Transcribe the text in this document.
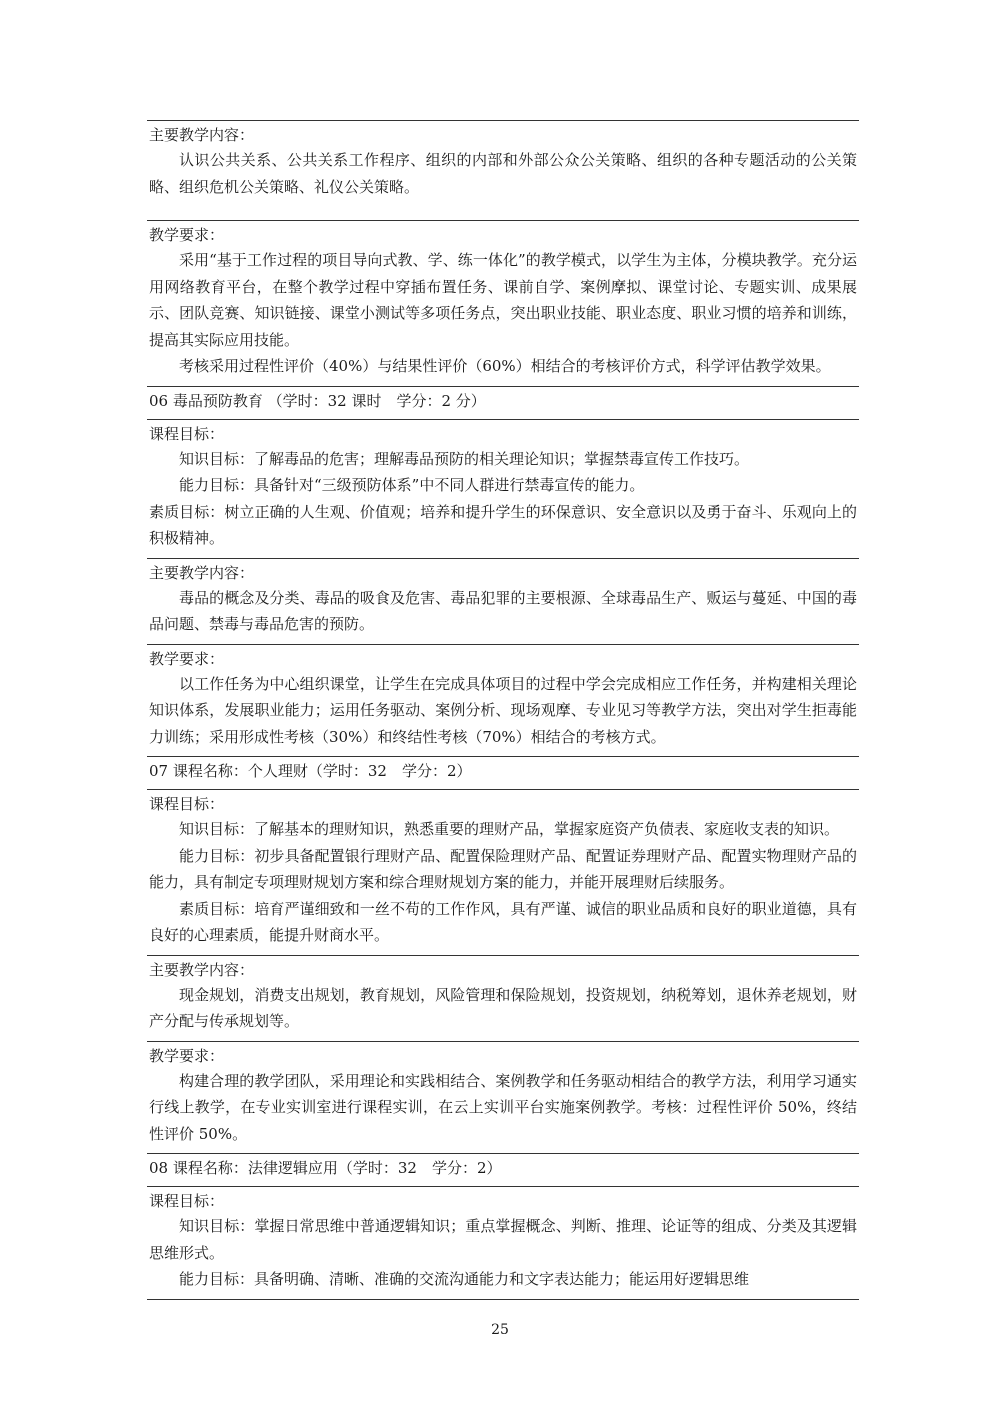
主要教学内容：

认识公共关系、公共关系工作程序、组织的内部和外部公众公关策略、组织的各种专题活动的公关策略、组织危机公关策略、礼仪公关策略。

教学要求：

采用“基于工作过程的项目导向式教、学、练一体化”的教学模式，以学生为主体，分模块教学。充分运用网络教育平台，在整个教学过程中穿插布置任务、课前自学、案例摩拟、课堂讨论、专题实训、成果展示、团队竞赛、知识链接、课堂小测试等多项任务点，突出职业技能、职业态度、职业习惯的培养和训练，提高其实际应用技能。

考核采用过程性评价（40%）与结果性评价（60%）相结合的考核评价方式，科学评估教学效果。

06 毒品预防教育 （学时：32 课时　学分：2 分）

课程目标：

知识目标：了解毒品的危害；理解毒品预防的相关理论知识；掌握禁毒宣传工作技巧。

能力目标：具备针对“三级预防体系”中不同人群进行禁毒宣传的能力。

素质目标：树立正确的人生观、价值观；培养和提升学生的环保意识、安全意识以及勇于奋斗、乐观向上的积极精神。

主要教学内容：

毒品的概念及分类、毒品的吸食及危害、毒品犯罪的主要根源、全球毒品生产、贩运与蔓延、中国的毒品问题、禁毒与毒品危害的预防。

教学要求：

以工作任务为中心组织课堂，让学生在完成具体项目的过程中学会完成相应工作任务，并构建相关理论知识体系，发展职业能力；运用任务驱动、案例分析、现场观摩、专业见习等教学方法，突出对学生拒毒能力训练；采用形成性考核（30%）和终结性考核（70%）相结合的考核方式。

07 课程名称：个人理财（学时：32　学分：2）

课程目标：

知识目标：了解基本的理财知识，熟悉重要的理财产品，掌握家庭资产负债表、家庭收支表的知识。

能力目标：初步具备配置银行理财产品、配置保险理财产品、配置证券理财产品、配置实物理财产品的能力，具有制定专项理财规划方案和综合理财规划方案的能力，并能开展理财后续服务。

素质目标：培育严谨细致和一丝不苟的工作作风，具有严谨、诚信的职业品质和良好的职业道德，具有良好的心理素质，能提升财商水平。

主要教学内容：

现金规划，消费支出规划，教育规划，风险管理和保险规划，投资规划，纳税筹划，退休养老规划，财产分配与传承规划等。

教学要求：

构建合理的教学团队，采用理论和实践相结合、案例教学和任务驱动相结合的教学方法，利用学习通实行线上教学，在专业实训室进行课程实训，在云上实训平台实施案例教学。考核：过程性评价 50%，终结性评价 50%。

08 课程名称：法律逻辑应用（学时：32　学分：2）

课程目标：

知识目标：掌握日常思维中普通逻辑知识；重点掌握概念、判断、推理、论证等的组成、分类及其逻辑思维形式。

能力目标：具备明确、清晰、准确的交流沟通能力和文字表达能力；能运用好逻辑思维

25
